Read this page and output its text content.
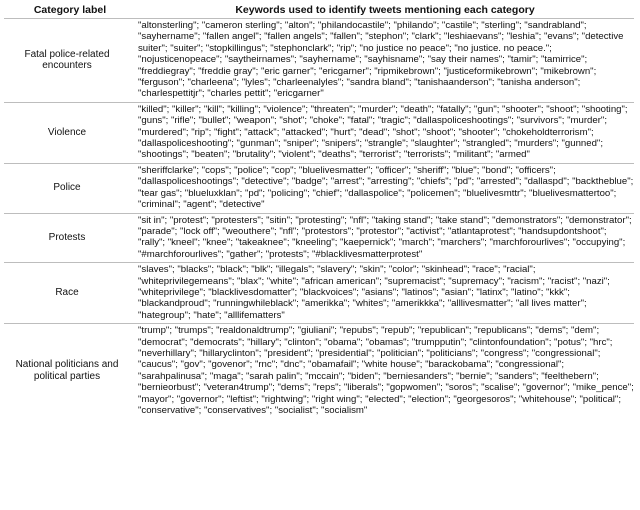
Category label	Keywords used to identify tweets mentioning each category
Fatal police-related encounters	"altonsterling"; "cameron sterling"; "alton"; "philandocastile"; "philando"; "castile"; "sterling"; "sandrabland"; "sayhername"; "fallen angel"; "fallen angels"; "fallen"; "stephon"; "clark"; "leshiaevans"; "leshia"; "evans"; "detective suiter"; "suiter"; "stopkillingus"; "stephonclark"; "rip"; "no justice no peace"; "no justice. no peace."; "nojusticenopeace"; "saytheirnames"; "sayhername"; "sayhisname"; "say their names"; "tamir"; "tamirrice"; "freddiegray"; "freddie gray"; "eric garner"; "ericgarner"; "ripmikebrown"; "justiceformikebrown"; "mikebrown"; "ferguson"; "charleena"; "lyles"; "charleenalyles"; "sandra bland"; "tanishaanderson"; "tanisha anderson"; "charlespettitjr"; "charles pettit"; "ericgarner"
Violence	"killed"; "killer"; "kill"; "killing"; "violence"; "threaten"; "murder"; "death"; "fatally"; "gun"; "shooter"; "shoot"; "shooting"; "guns"; "rifle"; "bullet"; "weapon"; "shot"; "choke"; "fatal"; "tragic"; "dallaspoliceshootings"; "survivors"; "murder"; "murdered"; "rip"; "fight"; "attack"; "attacked"; "hurt"; "dead"; "shot"; "shoot"; "shooter"; "chokeholdterrorism"; "dallaspoliceshooting"; "gunman"; "sniper"; "snipers"; "strangle"; "slaughter"; "strangled"; "murders"; "gunned"; "shootings"; "beaten"; "brutality"; "violent"; "deaths"; "terrorist"; "terrorists"; "militant"; "armed"
Police	"sheriffclarke"; "cops"; "police"; "cop"; "bluelivesmatter"; "officer"; "sheriff"; "blue"; "bond"; "officers"; "dallaspoliceshootings"; "detective"; "badge"; "arrest"; "arresting"; "chiefs"; "pd"; "arrested"; "dallaspd"; "backtheblue"; "tear gas"; "blueluxklan"; "pd"; "policing"; "chief"; "dallaspolice"; "policemen"; "bluelivesmttr"; "bluelivesmattertoo"; "criminal"; "agent"; "detective"
Protests	"sit in"; "protest"; "protesters"; "sitin"; "protesting"; "nfl"; "taking stand"; "take stand"; "demonstrators"; "demonstrator"; "parade"; "lock off"; "weouthere"; "nfl"; "protestors"; "protestor"; "activist"; "atlantaprotest"; "handsupdontshoot"; "rally"; "kneel"; "knee"; "takeaknee"; "kneeling"; "kaepernick"; "march"; "marchers"; "marchforourlives"; "occupying"; "#marchforourlives"; "gather"; "protests"; "#blacklivesmatterprotest"
Race	"slaves"; "blacks"; "black"; "blk"; "illegals"; "slavery"; "skin"; "color"; "skinhead"; "race"; "racial"; "whiteprivilegemeans"; "blax"; "white"; "african american"; "supremacist"; "supremacy"; "racism"; "racist"; "nazi"; "whiteprivilege"; "blacklivesdomatter"; "blackvoices"; "asians"; "latinos"; "asian"; "latinx"; "latino"; "kkk"; "blackandproud"; "runningwhileblack"; "amerikka"; "whites"; "amerikkka"; "alllivesmatter"; "all lives matter"; "hategroup"; "hate"; "alllifematters"
National politicians and political parties	"trump"; "trumps"; "realdonaldtrump"; "giuliani"; "repubs"; "repub"; "republican"; "republicans"; "dems"; "dem"; "democrat"; "democrats"; "hillary"; "clinton"; "obama"; "obamas"; "trumpputin"; "clintonfoundation"; "potus"; "hrc"; "neverhillary"; "hillaryclinton"; "president"; "presidential"; "politician"; "politicians"; "congress"; "congressional"; "caucus"; "gov"; "govenor"; "rnc"; "dnc"; "obamafail"; "white house"; "barackobama"; "congressional"; "sarahpalinusa"; "maga"; "sarah palin"; "mccain"; "biden"; "berniesanders"; "bernie"; "sanders"; "feelthebern"; "bernieorbust"; "veteran4trump"; "dems"; "reps"; "liberals"; "gopwomen"; "soros"; "scalise"; "governor"; "mike_pence"; "mayor"; "governor"; "leftist"; "rightwing"; "right wing"; "elected"; "election"; "georgesoros"; "whitehouse"; "political"; "conservative"; "conservatives"; "socialist"; "socialism"
